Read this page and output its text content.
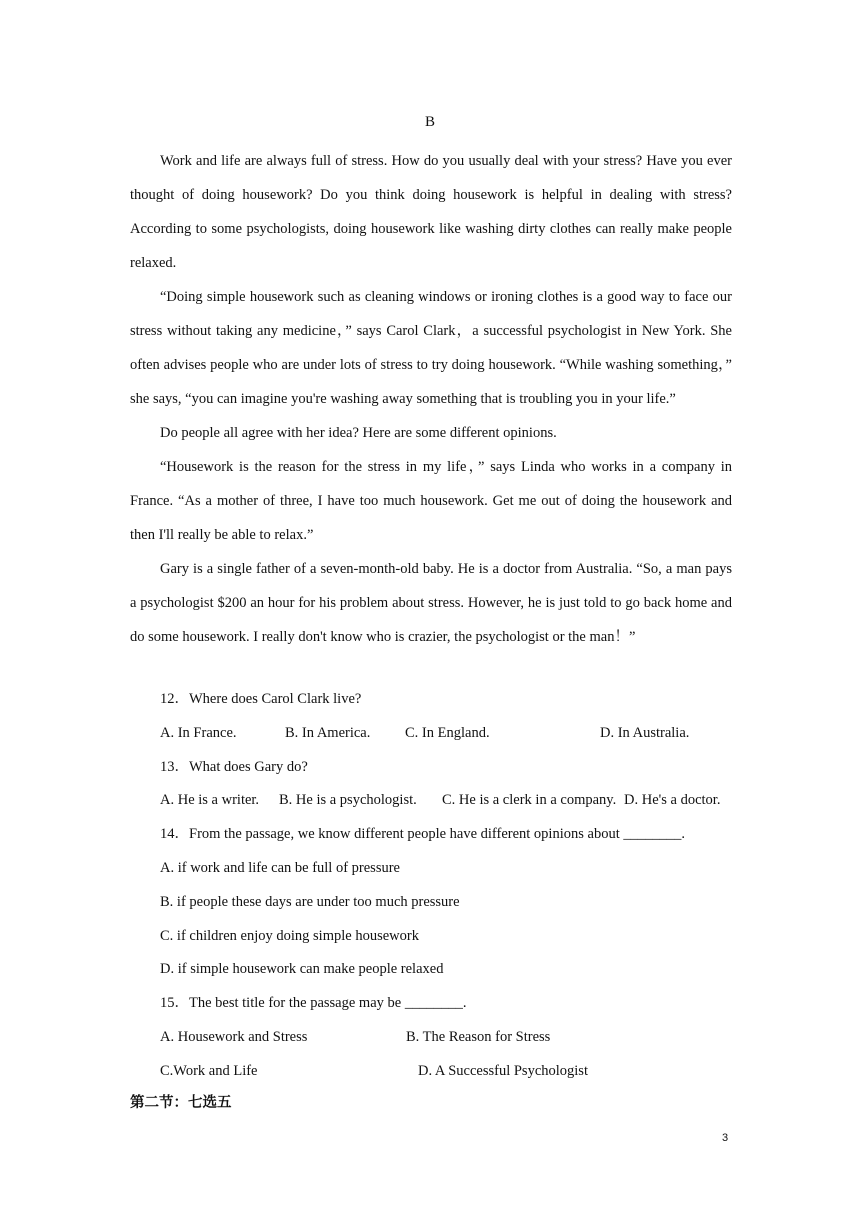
B

Work and life are always full of stress. How do you usually deal with your stress? Have you ever thought of doing housework? Do you think doing housework is helpful in dealing with stress? According to some psychologists, doing housework like washing dirty clothes can really make people relaxed.

“Doing simple housework such as cleaning windows or ironing clothes is a good way to face our stress without taking any medicine，” says Carol Clark，a successful psychologist in New York. She often advises people who are under lots of stress to try doing housework. “While washing something，” she says, “you can imagine you're washing away something that is troubling you in your life.”

Do people all agree with her idea? Here are some different opinions.

“Housework is the reason for the stress in my life，” says Linda who works in a company in France. “As a mother of three, I have too much housework. Get me out of doing the housework and then I'll really be able to relax.”

Gary is a single father of a seven-month-old baby. He is a doctor from Australia. “So, a man pays a psychologist $200 an hour for his problem about stress. However, he is just told to go back home and do some housework. I really don't know who is crazier, the psychologist or the man！”

12．Where does Carol Clark live?
A. In France.	B. In America. C. In England.	D. In Australia.
13．What does Gary do?
A. He is a writer. B. He is a psychologist. C. He is a clerk in a company. D. He's a doctor.
14．From the passage, we know different people have different opinions about ________.
A. if work and life can be full of pressure
B. if people these days are under too much pressure
C. if children enjoy doing simple housework
D. if simple housework can make people relaxed
15．The best title for the passage may be ________.
A. Housework and Stress	B. The Reason for Stress
C.Work and Life	D. A Successful Psychologist
第二节：七选五
3
